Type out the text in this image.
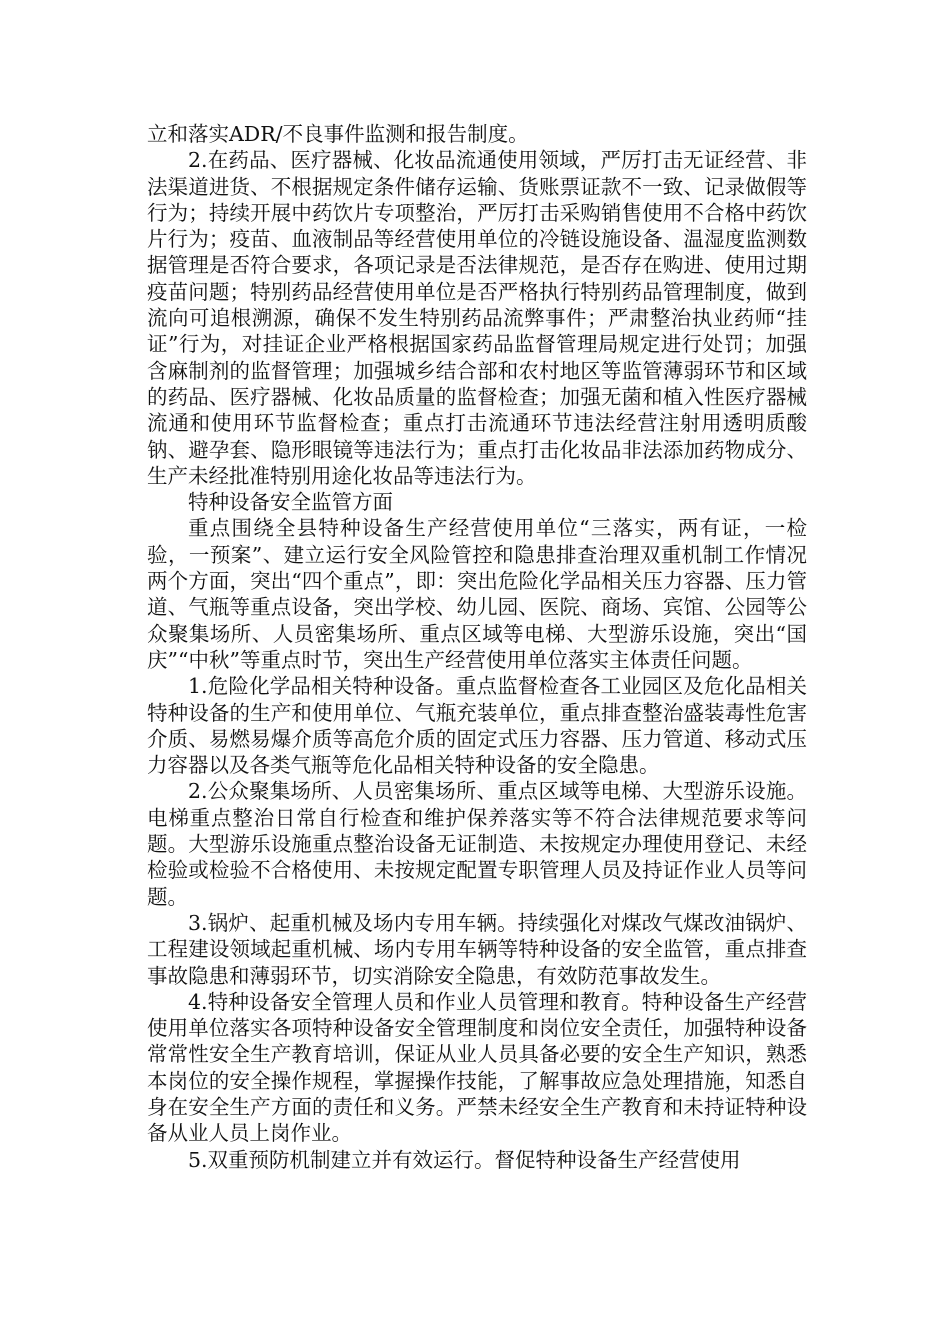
立和落实ADR/不良事件监测和报告制度。

2.在药品、医疗器械、化妆品流通使用领域，严厉打击无证经营、非法渠道进货、不根据规定条件储存运输、货账票证款不一致、记录做假等行为；持续开展中药饮片专项整治，严厉打击采购销售使用不合格中药饮片行为；疫苗、血液制品等经营使用单位的冷链设施设备、温湿度监测数据管理是否符合要求，各项记录是否法律规范，是否存在购进、使用过期疫苗问题；特别药品经营使用单位是否严格执行特别药品管理制度，做到流向可追根溯源，确保不发生特别药品流弊事件；严肃整治执业药师“挂证”行为，对挂证企业严格根据国家药品监督管理局规定进行处罚；加强含麻制剂的监督管理；加强城乡结合部和农村地区等监管薄弱环节和区域的药品、医疗器械、化妆品质量的监督检查；加强无菌和植入性医疗器械流通和使用环节监督检查；重点打击流通环节违法经营注射用透明质酸钠、避孕套、隐形眼镜等违法行为；重点打击化妆品非法添加药物成分、生产未经批准特别用途化妆品等违法行为。

特种设备安全监管方面

重点围绕全县特种设备生产经营使用单位“三落实，两有证，一检验，一预案”、建立运行安全风险管控和隐患排查治理双重机制工作情况两个方面，突出“四个重点”，即：突出危险化学品相关压力容器、压力管道、气瓶等重点设备，突出学校、幼儿园、医院、商场、宾馆、公园等公众聚集场所、人员密集场所、重点区域等电梯、大型游乐设施，突出“国庆”“中秋”等重点时节，突出生产经营使用单位落实主体责任问题。

1.危险化学品相关特种设备。重点监督检查各工业园区及危化品相关特种设备的生产和使用单位、气瓶充装单位，重点排查整治盛装毒性危害介质、易燃易爆介质等高危介质的固定式压力容器、压力管道、移动式压力容器以及各类气瓶等危化品相关特种设备的安全隐患。

2.公众聚集场所、人员密集场所、重点区域等电梯、大型游乐设施。电梯重点整治日常自行检查和维护保养落实等不符合法律规范要求等问题。大型游乐设施重点整治设备无证制造、未按规定办理使用登记、未经检验或检验不合格使用、未按规定配置专职管理人员及持证作业人员等问题。

3.锅炉、起重机械及场内专用车辆。持续强化对煤改气煤改油锅炉、工程建设领域起重机械、场内专用车辆等特种设备的安全监管，重点排查事故隐患和薄弱环节，切实消除安全隐患，有效防范事故发生。

4.特种设备安全管理人员和作业人员管理和教育。特种设备生产经营使用单位落实各项特种设备安全管理制度和岗位安全责任，加强特种设备常常性安全生产教育培训，保证从业人员具备必要的安全生产知识，熟悉本岗位的安全操作规程，掌握操作技能，了解事故应急处理措施，知悉自身在安全生产方面的责任和义务。严禁未经安全生产教育和未持证特种设备从业人员上岗作业。

5.双重预防机制建立并有效运行。督促特种设备生产经营使用
